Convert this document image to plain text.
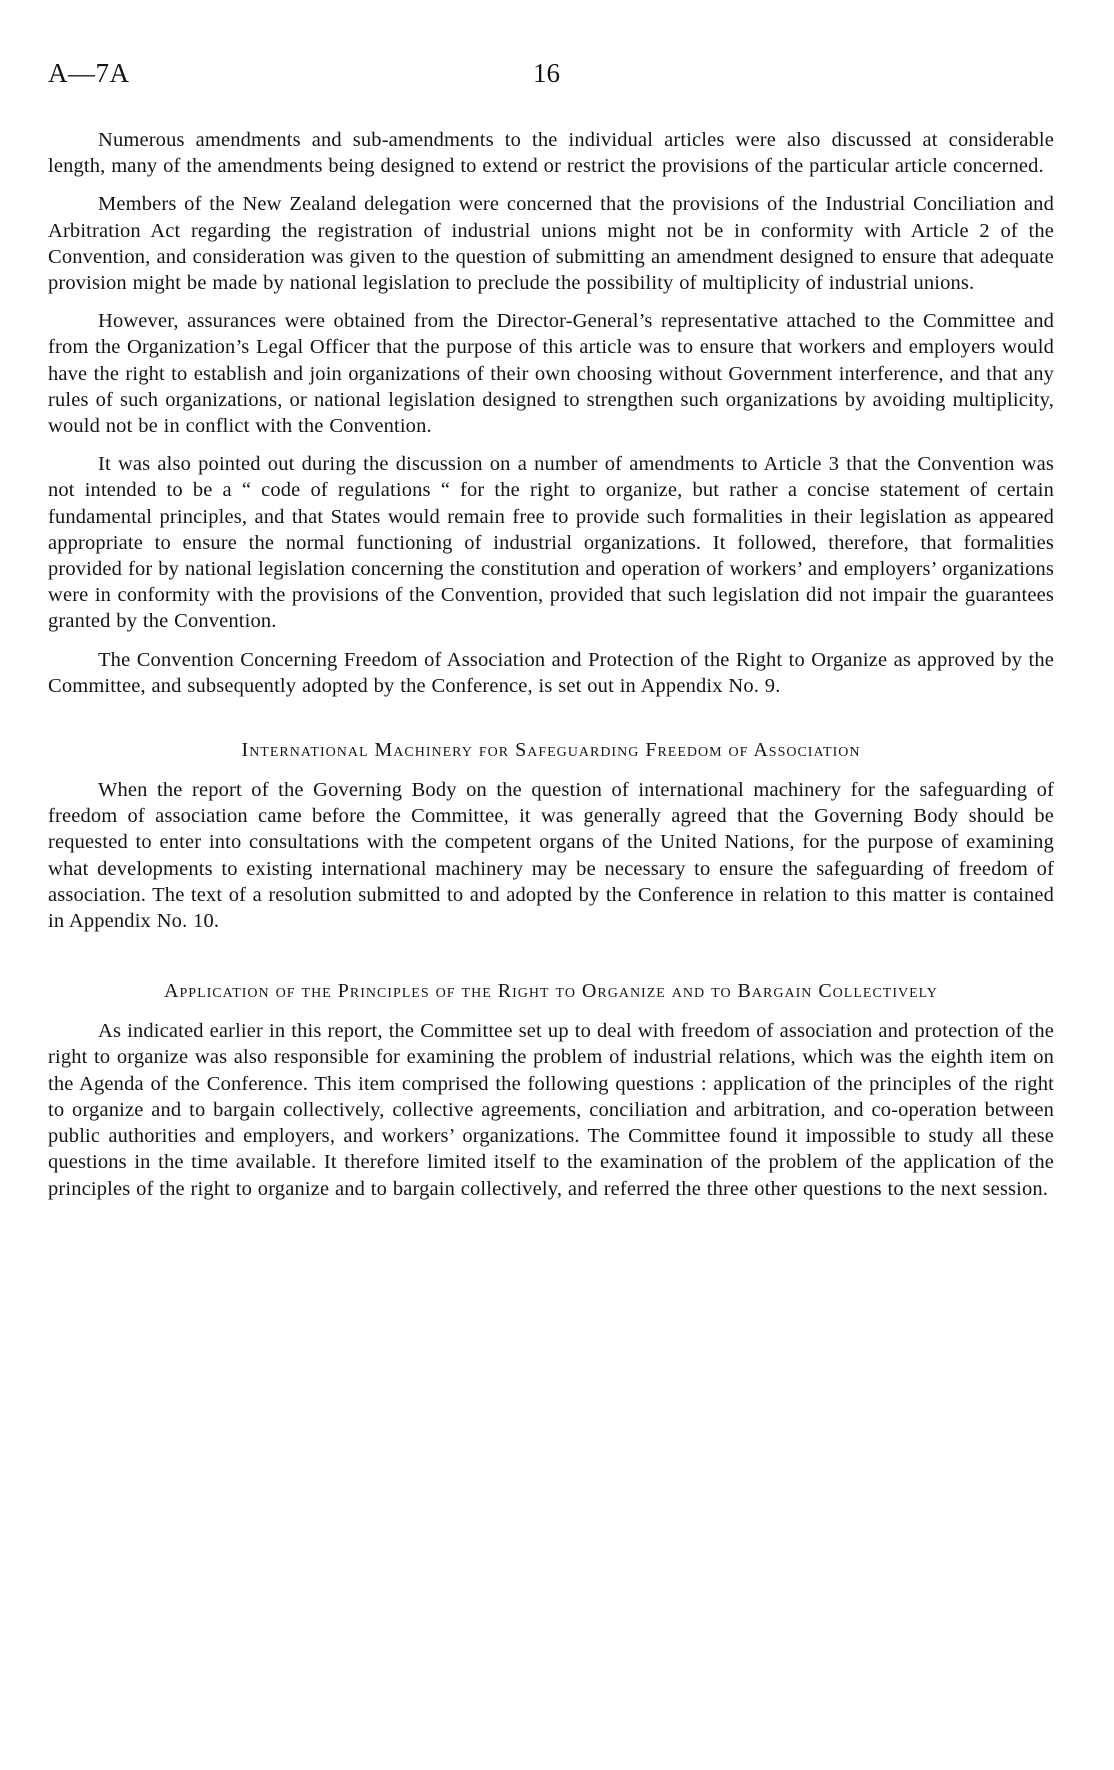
A—7A	16

Numerous amendments and sub-amendments to the individual articles were also discussed at considerable length, many of the amendments being designed to extend or restrict the provisions of the particular article concerned.

Members of the New Zealand delegation were concerned that the provisions of the Industrial Conciliation and Arbitration Act regarding the registration of industrial unions might not be in conformity with Article 2 of the Convention, and consideration was given to the question of submitting an amendment designed to ensure that adequate provision might be made by national legislation to preclude the possibility of multiplicity of industrial unions.

However, assurances were obtained from the Director-General’s representative attached to the Committee and from the Organization’s Legal Officer that the purpose of this article was to ensure that workers and employers would have the right to establish and join organizations of their own choosing without Government interference, and that any rules of such organizations, or national legislation designed to strengthen such organizations by avoiding multiplicity, would not be in conflict with the Convention.

It was also pointed out during the discussion on a number of amendments to Article 3 that the Convention was not intended to be a “ code of regulations “ for the right to organize, but rather a concise statement of certain fundamental principles, and that States would remain free to provide such formalities in their legislation as appeared appropriate to ensure the normal functioning of industrial organizations. It followed, therefore, that formalities provided for by national legislation concerning the constitution and operation of workers’ and employers’ organizations were in conformity with the provisions of the Convention, provided that such legislation did not impair the guarantees granted by the Convention.

The Convention Concerning Freedom of Association and Protection of the Right to Organize as approved by the Committee, and subsequently adopted by the Conference, is set out in Appendix No. 9.

International Machinery for Safeguarding Freedom of Association

When the report of the Governing Body on the question of international machinery for the safeguarding of freedom of association came before the Committee, it was generally agreed that the Governing Body should be requested to enter into consultations with the competent organs of the United Nations, for the purpose of examining what developments to existing international machinery may be necessary to ensure the safeguarding of freedom of association. The text of a resolution submitted to and adopted by the Conference in relation to this matter is contained in Appendix No. 10.

Application of the Principles of the Right to Organize and to Bargain Collectively

As indicated earlier in this report, the Committee set up to deal with freedom of association and protection of the right to organize was also responsible for examining the problem of industrial relations, which was the eighth item on the Agenda of the Conference. This item comprised the following questions : application of the principles of the right to organize and to bargain collectively, collective agreements, conciliation and arbitration, and co-operation between public authorities and employers, and workers’ organizations. The Committee found it impossible to study all these questions in the time available. It therefore limited itself to the examination of the problem of the application of the principles of the right to organize and to bargain collectively, and referred the three other questions to the next session.
